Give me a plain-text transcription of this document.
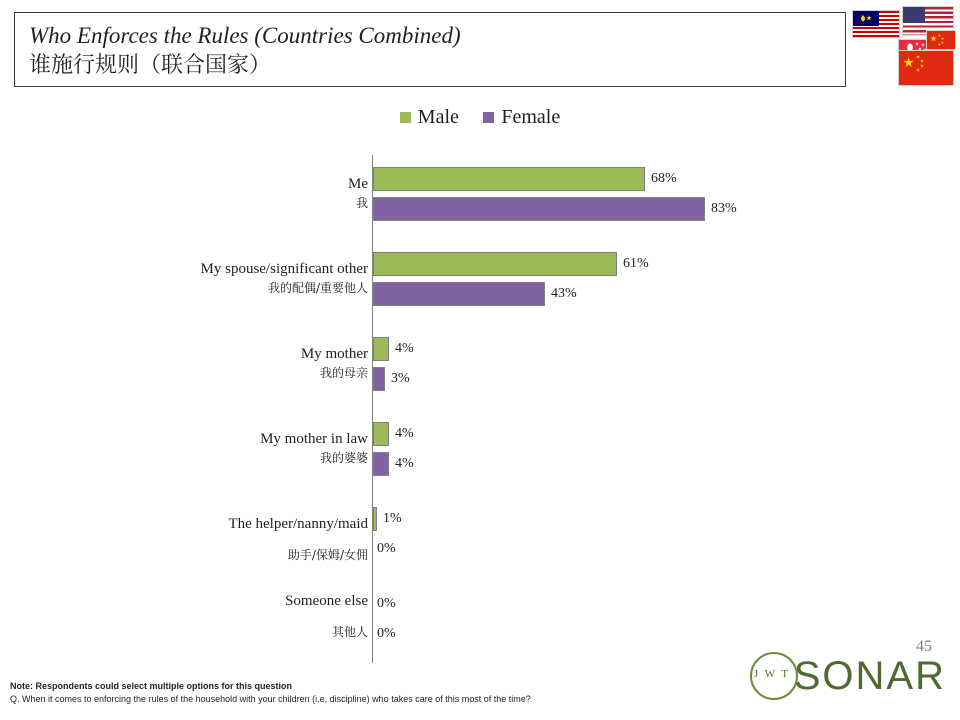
Who Enforces the Rules (Countries Combined)
谁施行规则（联合国家）
Male Female
Me
我
My spouse/significant other
我的配偶/重要他人
My mother
我的母亲
My mother in law
我的婆婆
The helper/nanny/maid
助手/保姆/女佣
Someone else
其他人
68%
83%
61%
43%
4%
3%
4%
4%
1%
0%
0%
0%
45
Note: Respondents could select multiple options for this question
Q. When it comes to enforcing the rules of the household with your children (i.e, discipline) who takes care of this most of the time?
SONAR
J W T
